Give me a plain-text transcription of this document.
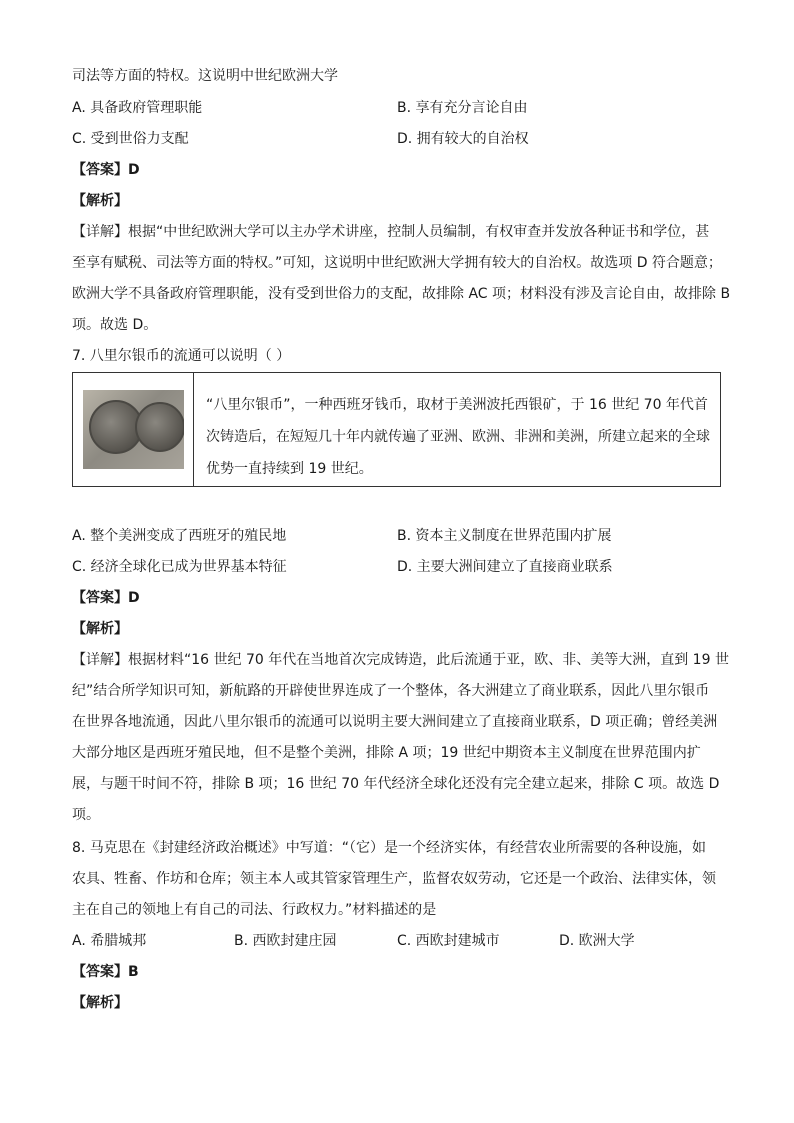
司法等方面的特权。这说明中世纪欧洲大学
A. 具备政府管理职能	B. 享有充分言论自由
C. 受到世俗力支配	D. 拥有较大的自治权
【答案】D
【解析】
【详解】根据“中世纪欧洲大学可以主办学术讲座，控制人员编制，有权审查并发放各种证书和学位，甚
至享有赋税、司法等方面的特权。”可知，这说明中世纪欧洲大学拥有较大的自治权。故选项 D 符合题意；
欧洲大学不具备政府管理职能，没有受到世俗力的支配，故排除 AC 项；材料没有涉及言论自由，故排除 B
项。故选 D。
7. 八里尔银币的流通可以说明（ ）
“八里尔银币”，一种西班牙钱币，取材于美洲波托西银矿，于 16 世纪 70 年代首
次铸造后，在短短几十年内就传遍了亚洲、欧洲、非洲和美洲，所建立起来的全球
优势一直持续到 19 世纪。
A. 整个美洲变成了西班牙的殖民地	B. 资本主义制度在世界范围内扩展
C. 经济全球化已成为世界基本特征	D. 主要大洲间建立了直接商业联系
【答案】D
【解析】
【详解】根据材料“16 世纪 70 年代在当地首次完成铸造，此后流通于亚，欧、非、美等大洲，直到 19 世
纪”结合所学知识可知，新航路的开辟使世界连成了一个整体，各大洲建立了商业联系，因此八里尔银币
在世界各地流通，因此八里尔银币的流通可以说明主要大洲间建立了直接商业联系，D 项正确；曾经美洲
大部分地区是西班牙殖民地，但不是整个美洲，排除 A 项；19 世纪中期资本主义制度在世界范围内扩
展，与题干时间不符，排除 B 项；16 世纪 70 年代经济全球化还没有完全建立起来，排除 C 项。故选 D
项。
8. 马克思在《封建经济政治概述》中写道：“（它）是一个经济实体，有经营农业所需要的各种设施，如
农具、牲畜、作坊和仓库；领主本人或其管家管理生产，监督农奴劳动，它还是一个政治、法律实体，领
主在自己的领地上有自己的司法、行政权力。”材料描述的是
A. 希腊城邦	B. 西欧封建庄园	C. 西欧封建城市	D. 欧洲大学
【答案】B
【解析】
